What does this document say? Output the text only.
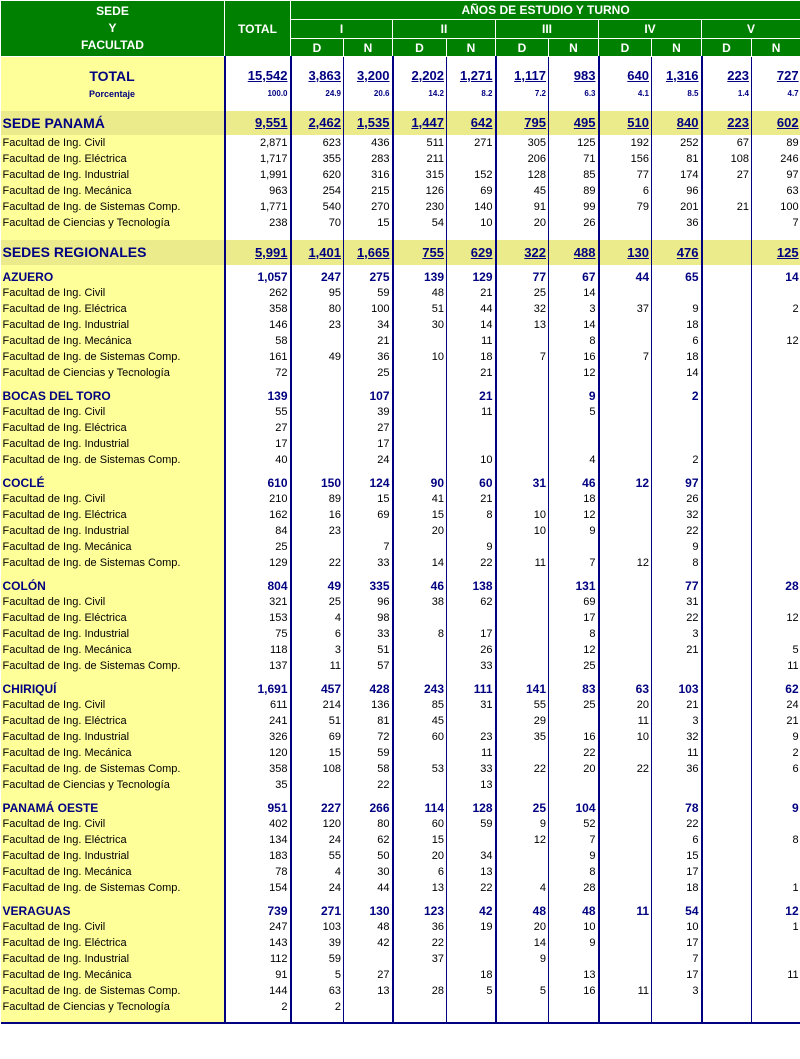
SEDE
Y
FACULTAD	TOTAL	AÑOS DE ESTUDIO Y TURNO									
		I		II		III		IV		V	
		D	N	D	N	D	N	D	N	D	N

TOTAL	15,542	3,863	3,200	2,202	1,271	1,117	983	640	1,316	223	727
Porcentaje	100.0	24.9	20.6	14.2	8.2	7.2	6.3	4.1	8.5	1.4	4.7

SEDE PANAMÁ	9,551	2,462	1,535	1,447	642	795	495	510	840	223	602
Facultad de Ing. Civil	2,871	623	436	511	271	305	125	192	252	67	89
Facultad de Ing. Eléctrica	1,717	355	283	211		206	71	156	81	108	246
Facultad de Ing. Industrial	1,991	620	316	315	152	128	85	77	174	27	97
Facultad de Ing. Mecánica	963	254	215	126	69	45	89	6	96		63
Facultad de Ing. de Sistemas Comp.	1,771	540	270	230	140	91	99	79	201	21	100
Facultad de Ciencias y Tecnología	238	70	15	54	10	20	26		36		7

SEDES REGIONALES	5,991	1,401	1,665	755	629	322	488	130	476		125

AZUERO	1,057	247	275	139	129	77	67	44	65		14
Facultad de Ing. Civil	262	95	59	48	21	25	14				
Facultad de Ing. Eléctrica	358	80	100	51	44	32	3	37	9		2
Facultad de Ing. Industrial	146	23	34	30	14	13	14		18		
Facultad de Ing. Mecánica	58		21		11		8		6		12
Facultad de Ing. de Sistemas Comp.	161	49	36	10	18	7	16	7	18		
Facultad de Ciencias y Tecnología	72		25		21		12		14		

BOCAS DEL TORO	139		107		21		9		2		
Facultad de Ing. Civil	55		39		11		5				
Facultad de Ing. Eléctrica	27		27								
Facultad de Ing. Industrial	17		17								
Facultad de Ing. de Sistemas Comp.	40		24		10		4		2		

COCLÉ	610	150	124	90	60	31	46	12	97		
Facultad de Ing. Civil	210	89	15	41	21		18		26		
Facultad de Ing. Eléctrica	162	16	69	15	8	10	12		32		
Facultad de Ing. Industrial	84	23		20		10	9		22		
Facultad de Ing. Mecánica	25		7		9				9		
Facultad de Ing. de Sistemas Comp.	129	22	33	14	22	11	7	12	8		

COLÓN	804	49	335	46	138		131		77		28
Facultad de Ing. Civil	321	25	96	38	62		69		31		
Facultad de Ing. Eléctrica	153	4	98				17		22		12
Facultad de Ing. Industrial	75	6	33	8	17		8		3		
Facultad de Ing. Mecánica	118	3	51		26		12		21		5
Facultad de Ing. de Sistemas Comp.	137	11	57		33		25				11

CHIRIQUÍ	1,691	457	428	243	111	141	83	63	103		62
Facultad de Ing. Civil	611	214	136	85	31	55	25	20	21		24
Facultad de Ing. Eléctrica	241	51	81	45		29		11	3		21
Facultad de Ing. Industrial	326	69	72	60	23	35	16	10	32		9
Facultad de Ing. Mecánica	120	15	59		11		22		11		2
Facultad de Ing. de Sistemas Comp.	358	108	58	53	33	22	20	22	36		6
Facultad de Ciencias y Tecnología	35		22		13						

PANAMÁ OESTE	951	227	266	114	128	25	104		78		9
Facultad de Ing. Civil	402	120	80	60	59	9	52		22		
Facultad de Ing. Eléctrica	134	24	62	15		12	7		6		8
Facultad de Ing. Industrial	183	55	50	20	34		9		15		
Facultad de Ing. Mecánica	78	4	30	6	13		8		17		
Facultad de Ing. de Sistemas Comp.	154	24	44	13	22	4	28		18		1

VERAGUAS	739	271	130	123	42	48	48	11	54		12
Facultad de Ing. Civil	247	103	48	36	19	20	10		10		1
Facultad de Ing. Eléctrica	143	39	42	22		14	9		17		
Facultad de Ing. Industrial	112	59		37		9			7		
Facultad de Ing. Mecánica	91	5	27		18		13		17		11
Facultad de Ing. de Sistemas Comp.	144	63	13	28	5	5	16	11	3		
Facultad de Ciencias y Tecnología	2	2									
